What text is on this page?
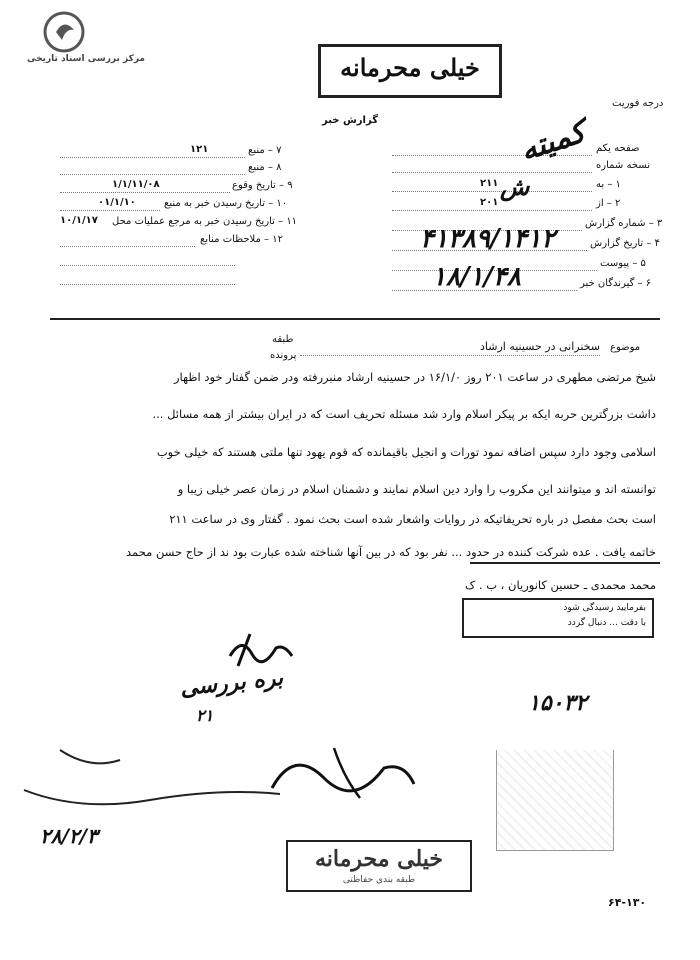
مرکز بررسی اسناد تاریخی	خیلی محرمانه
درجه فوریت
گزارش خبر
صفحه یکم
نسخه شماره
۱ – به
۲۱۱
۲ – از
۲۰۱
۳ – شماره گزارش
۴ – تاریخ گزارش
۵ – پیوست
۶ – گیرندگان خبر
۷ – منبع
۱۲۱
۸ – منبع
۹ – تاریخ وقوع
۱/۱/۱۱/۰۸
۱۰ – تاریخ رسیدن خبر به منبع
۰۱/۱/۱۰
۱۱ – تاریخ رسیدن خبر به مرجع عملیات محل
۱۰/۱/۱۷
۱۲ – ملاحظات منابع
کمیته
ش
۴۱۳۸۹/۱۴۱۲
۱۸/۱/۴۸
طبقه
پرونده
موضوع
سخنرانی در حسینیه ارشاد
شیخ مرتضی مطهری در ساعت ۲۰۱ روز ۱۶/۱/۰ در حسینیه ارشاد منبررفته ودر ضمن گفتار خود اظهار
داشت بزرگترین حربه ایکه بر پیکر اسلام وارد شد مسئله تحریف است که در ایران بیشتر از همه مسائل ...
اسلامی وجود دارد سپس اضافه نمود تورات و انجیل باقیمانده که قوم یهود تنها ملتی هستند که خیلی خوب
توانسته اند و میتوانند این مکروب را وارد دین اسلام نمایند و دشمنان اسلام در زمان عصر خیلی زیبا و
است بحث مفصل در باره تحریفاتیکه در روایات واشعار شده است بحث نمود . گفتار وی در ساعت ۲۱۱
خاتمه یافت . عده شرکت کننده در حدود ... نفر بود که در بین آنها شناخته شده عبارت بود ند از حاج حسن محمد
محمد محمدی ـ حسین کانوریان ، ب . ک
بفرمایید رسیدگی شود
با دقت ... دنبال گردد
بره بررسی
۲۱	۱۵۰۳۲
۲۸/۲/۳
خیلی محرمانه
طبقه بندی حفاظتی
۶۴-۱۳۰
